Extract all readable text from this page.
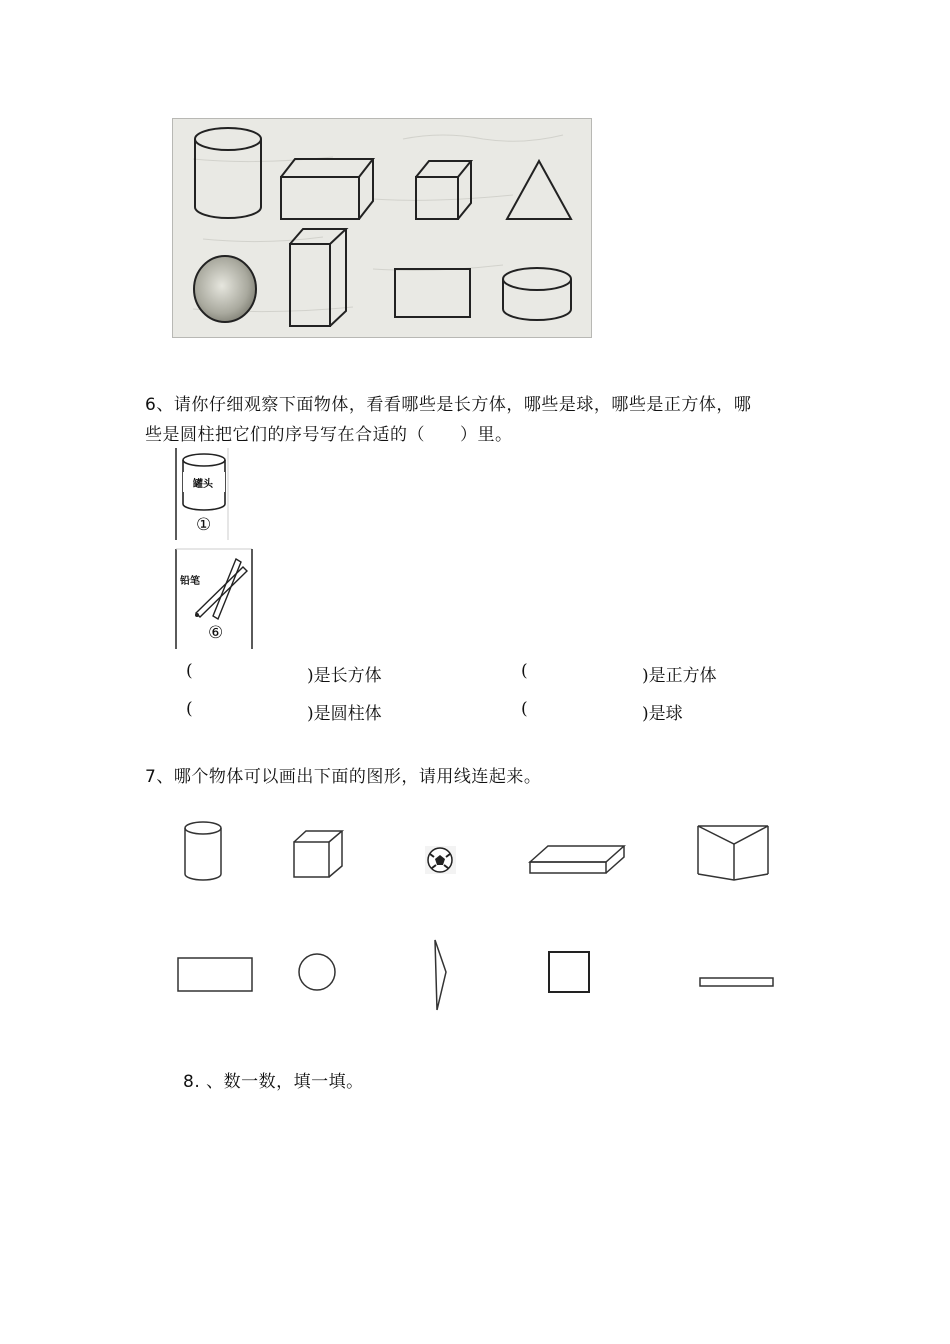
6、请你仔细观察下面物体，看看哪些是长方体，哪些是球，哪些是正方体，哪
些是圆柱把它们的序号写在合适的（　　）里。
罐头
①
铅笔
⑥
(	)是长方体	(	)是正方体
(	)是圆柱体	(	)是球
7、哪个物体可以画出下面的图形，请用线连起来。
8. 、数一数，填一填。
